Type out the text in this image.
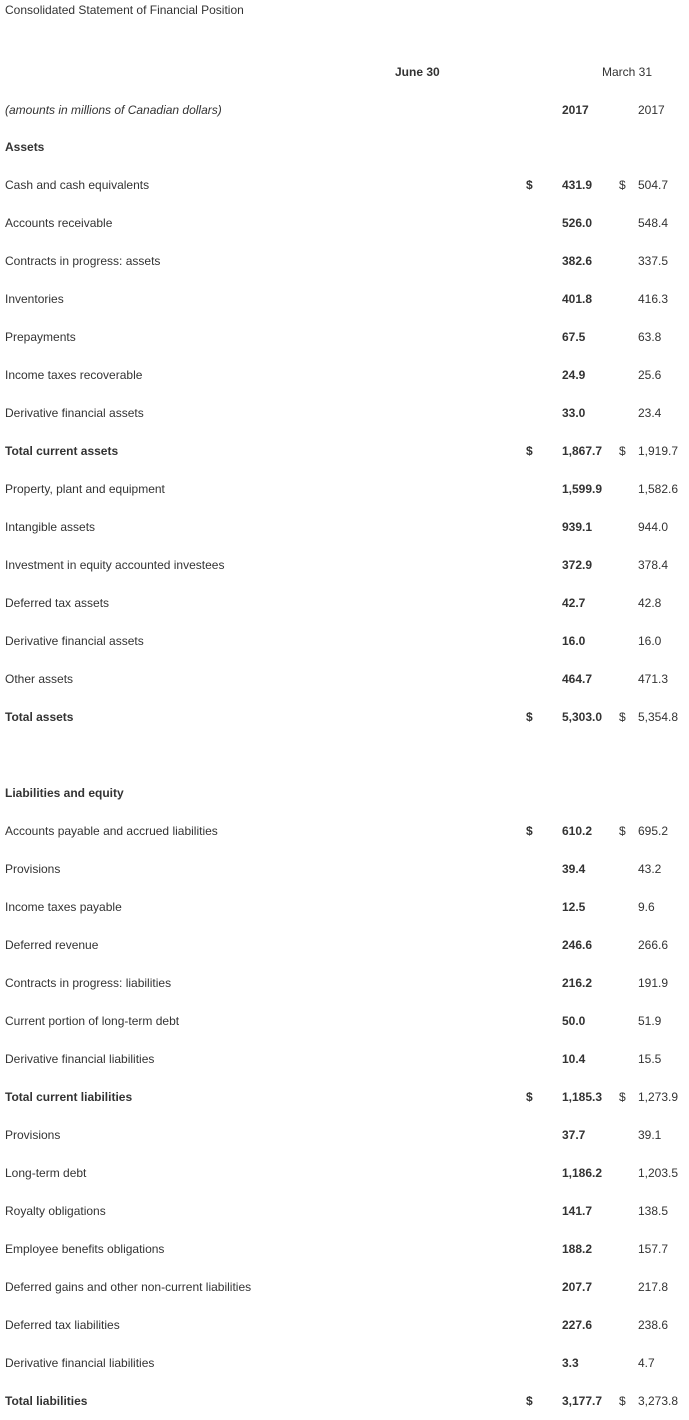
Consolidated Statement of Financial Position
June 30	March 31
(amounts in millions of Canadian dollars)	2017	2017
Assets
Cash and cash equivalents	$ 431.9 $ 504.7
Accounts receivable	526.0	548.4
Contracts in progress: assets	382.6	337.5
Inventories	401.8	416.3
Prepayments	67.5	63.8
Income taxes recoverable	24.9	25.6
Derivative financial assets	33.0	23.4
Total current assets	$ 1,867.7 $ 1,919.7
Property, plant and equipment	1,599.9	1,582.6
Intangible assets	939.1	944.0
Investment in equity accounted investees	372.9	378.4
Deferred tax assets	42.7	42.8
Derivative financial assets	16.0	16.0
Other assets	464.7	471.3
Total assets	$ 5,303.0 $ 5,354.8
Liabilities and equity
Accounts payable and accrued liabilities	$ 610.2 $ 695.2
Provisions	39.4	43.2
Income taxes payable	12.5	9.6
Deferred revenue	246.6	266.6
Contracts in progress: liabilities	216.2	191.9
Current portion of long-term debt	50.0	51.9
Derivative financial liabilities	10.4	15.5
Total current liabilities	$ 1,185.3 $ 1,273.9
Provisions	37.7	39.1
Long-term debt	1,186.2	1,203.5
Royalty obligations	141.7	138.5
Employee benefits obligations	188.2	157.7
Deferred gains and other non-current liabilities	207.7	217.8
Deferred tax liabilities	227.6	238.6
Derivative financial liabilities	3.3	4.7
Total liabilities	$ 3,177.7 $ 3,273.8
